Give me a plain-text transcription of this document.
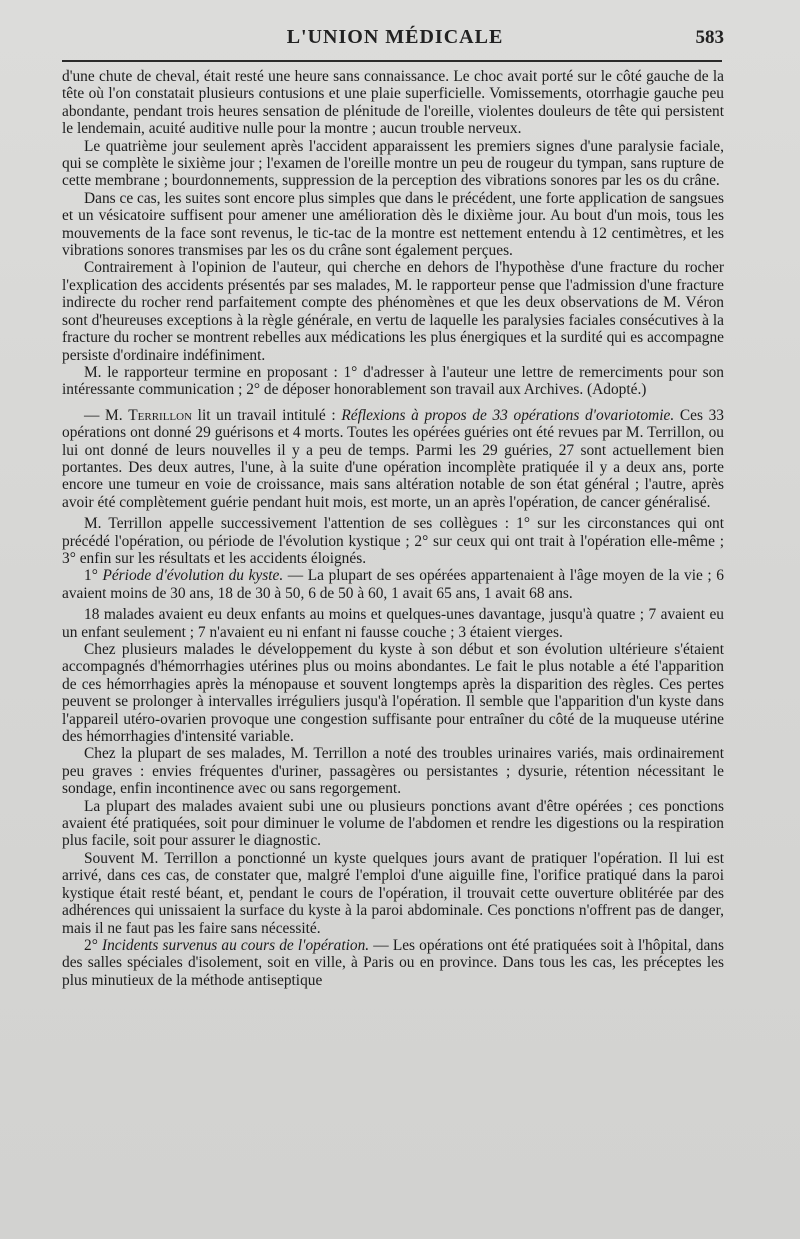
L'UNION MÉDICALE	583

d'une chute de cheval, était resté une heure sans connaissance. Le choc avait porté sur le côté gauche de la tête où l'on constatait plusieurs contusions et une plaie superficielle. Vomissements, otorrhagie gauche peu abondante, pendant trois heures sensation de plénitude de l'oreille, violentes douleurs de tête qui persistent le lendemain, acuité auditive nulle pour la montre ; aucun trouble nerveux.

Le quatrième jour seulement après l'accident apparaissent les premiers signes d'une paralysie faciale, qui se complète le sixième jour ; l'examen de l'oreille montre un peu de rougeur du tympan, sans rupture de cette membrane ; bourdonnements, suppression de la perception des vibrations sonores par les os du crâne.

Dans ce cas, les suites sont encore plus simples que dans le précédent, une forte application de sangsues et un vésicatoire suffisent pour amener une amélioration dès le dixième jour. Au bout d'un mois, tous les mouvements de la face sont revenus, le tic-tac de la montre est nettement entendu à 12 centimètres, et les vibrations sonores transmises par les os du crâne sont également perçues.

Contrairement à l'opinion de l'auteur, qui cherche en dehors de l'hypothèse d'une fracture du rocher l'explication des accidents présentés par ses malades, M. le rapporteur pense que l'admission d'une fracture indirecte du rocher rend parfaitement compte des phénomènes et que les deux observations de M. Véron sont d'heureuses exceptions à la règle générale, en vertu de laquelle les paralysies faciales consécutives à la fracture du rocher se montrent rebelles aux médications les plus énergiques et la surdité qui es accompagne persiste d'ordinaire indéfiniment.

M. le rapporteur termine en proposant : 1° d'adresser à l'auteur une lettre de remerciments pour son intéressante communication ; 2° de déposer honorablement son travail aux Archives. (Adopté.)

— M. Terrillon lit un travail intitulé : Réflexions à propos de 33 opérations d'ovariotomie. Ces 33 opérations ont donné 29 guérisons et 4 morts. Toutes les opérées guéries ont été revues par M. Terrillon, ou lui ont donné de leurs nouvelles il y a peu de temps. Parmi les 29 guéries, 27 sont actuellement bien portantes. Des deux autres, l'une, à la suite d'une opération incomplète pratiquée il y a deux ans, porte encore une tumeur en voie de croissance, mais sans altération notable de son état général ; l'autre, après avoir été complètement guérie pendant huit mois, est morte, un an après l'opération, de cancer généralisé.

M. Terrillon appelle successivement l'attention de ses collègues : 1° sur les circonstances qui ont précédé l'opération, ou période de l'évolution kystique ; 2° sur ceux qui ont trait à l'opération elle-même ; 3° enfin sur les résultats et les accidents éloignés.

1° Période d'évolution du kyste. — La plupart de ses opérées appartenaient à l'âge moyen de la vie ; 6 avaient moins de 30 ans, 18 de 30 à 50, 6 de 50 à 60, 1 avait 65 ans, 1 avait 68 ans.

18 malades avaient eu deux enfants au moins et quelques-unes davantage, jusqu'à quatre ; 7 avaient eu un enfant seulement ; 7 n'avaient eu ni enfant ni fausse couche ; 3 étaient vierges.

Chez plusieurs malades le développement du kyste à son début et son évolution ultérieure s'étaient accompagnés d'hémorrhagies utérines plus ou moins abondantes. Le fait le plus notable a été l'apparition de ces hémorrhagies après la ménopause et souvent longtemps après la disparition des règles. Ces pertes peuvent se prolonger à intervalles irréguliers jusqu'à l'opération. Il semble que l'apparition d'un kyste dans l'appareil utéro-ovarien provoque une congestion suffisante pour entraîner du côté de la muqueuse utérine des hémorrhagies d'intensité variable.

Chez la plupart de ses malades, M. Terrillon a noté des troubles urinaires variés, mais ordinairement peu graves : envies fréquentes d'uriner, passagères ou persistantes ; dysurie, rétention nécessitant le sondage, enfin incontinence avec ou sans regorgement.

La plupart des malades avaient subi une ou plusieurs ponctions avant d'être opérées ; ces ponctions avaient été pratiquées, soit pour diminuer le volume de l'abdomen et rendre les digestions ou la respiration plus facile, soit pour assurer le diagnostic.

Souvent M. Terrillon a ponctionné un kyste quelques jours avant de pratiquer l'opération. Il lui est arrivé, dans ces cas, de constater que, malgré l'emploi d'une aiguille fine, l'orifice pratiqué dans la paroi kystique était resté béant, et, pendant le cours de l'opération, il trouvait cette ouverture oblitérée par des adhérences qui unissaient la surface du kyste à la paroi abdominale. Ces ponctions n'offrent pas de danger, mais il ne faut pas les faire sans nécessité.

2° Incidents survenus au cours de l'opération. — Les opérations ont été pratiquées soit à l'hôpital, dans des salles spéciales d'isolement, soit en ville, à Paris ou en province. Dans tous les cas, les préceptes les plus minutieux de la méthode antiseptique
